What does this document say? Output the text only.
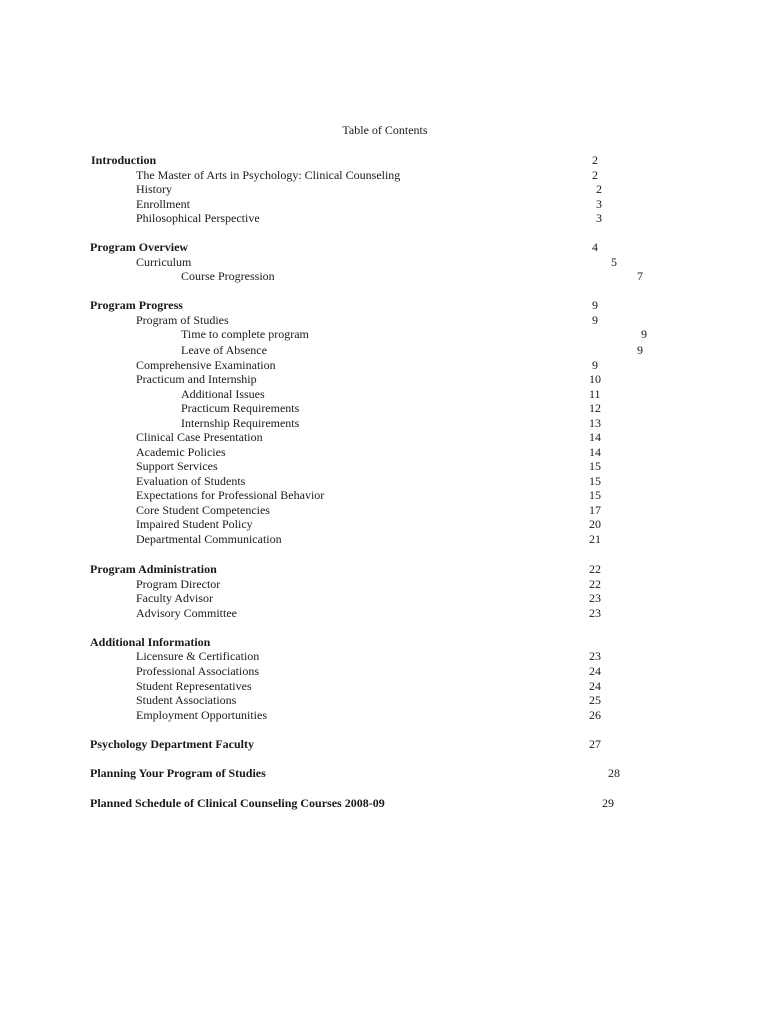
Table of Contents
Introduction	2
The Master of Arts in Psychology: Clinical Counseling	2
History	2
Enrollment	3
Philosophical Perspective	3
Program Overview	4
Curriculum	5
Course Progression	7
Program Progress	9
Program of Studies	9
Time to complete program	9
Leave of Absence	9
Comprehensive Examination	9
Practicum and Internship	10
Additional Issues	11
Practicum Requirements	12
Internship Requirements	13
Clinical Case Presentation	14
Academic Policies	14
Support Services	15
Evaluation of Students	15
Expectations for Professional Behavior	15
Core Student Competencies	17
Impaired Student Policy	20
Departmental Communication	21
Program Administration	22
Program Director	22
Faculty Advisor	23
Advisory Committee	23
Additional Information
Licensure & Certification	23
Professional Associations	24
Student Representatives	24
Student Associations	25
Employment Opportunities	26
Psychology Department Faculty	27
Planning Your Program of Studies	28
Planned Schedule of Clinical Counseling Courses 2008-09	29
